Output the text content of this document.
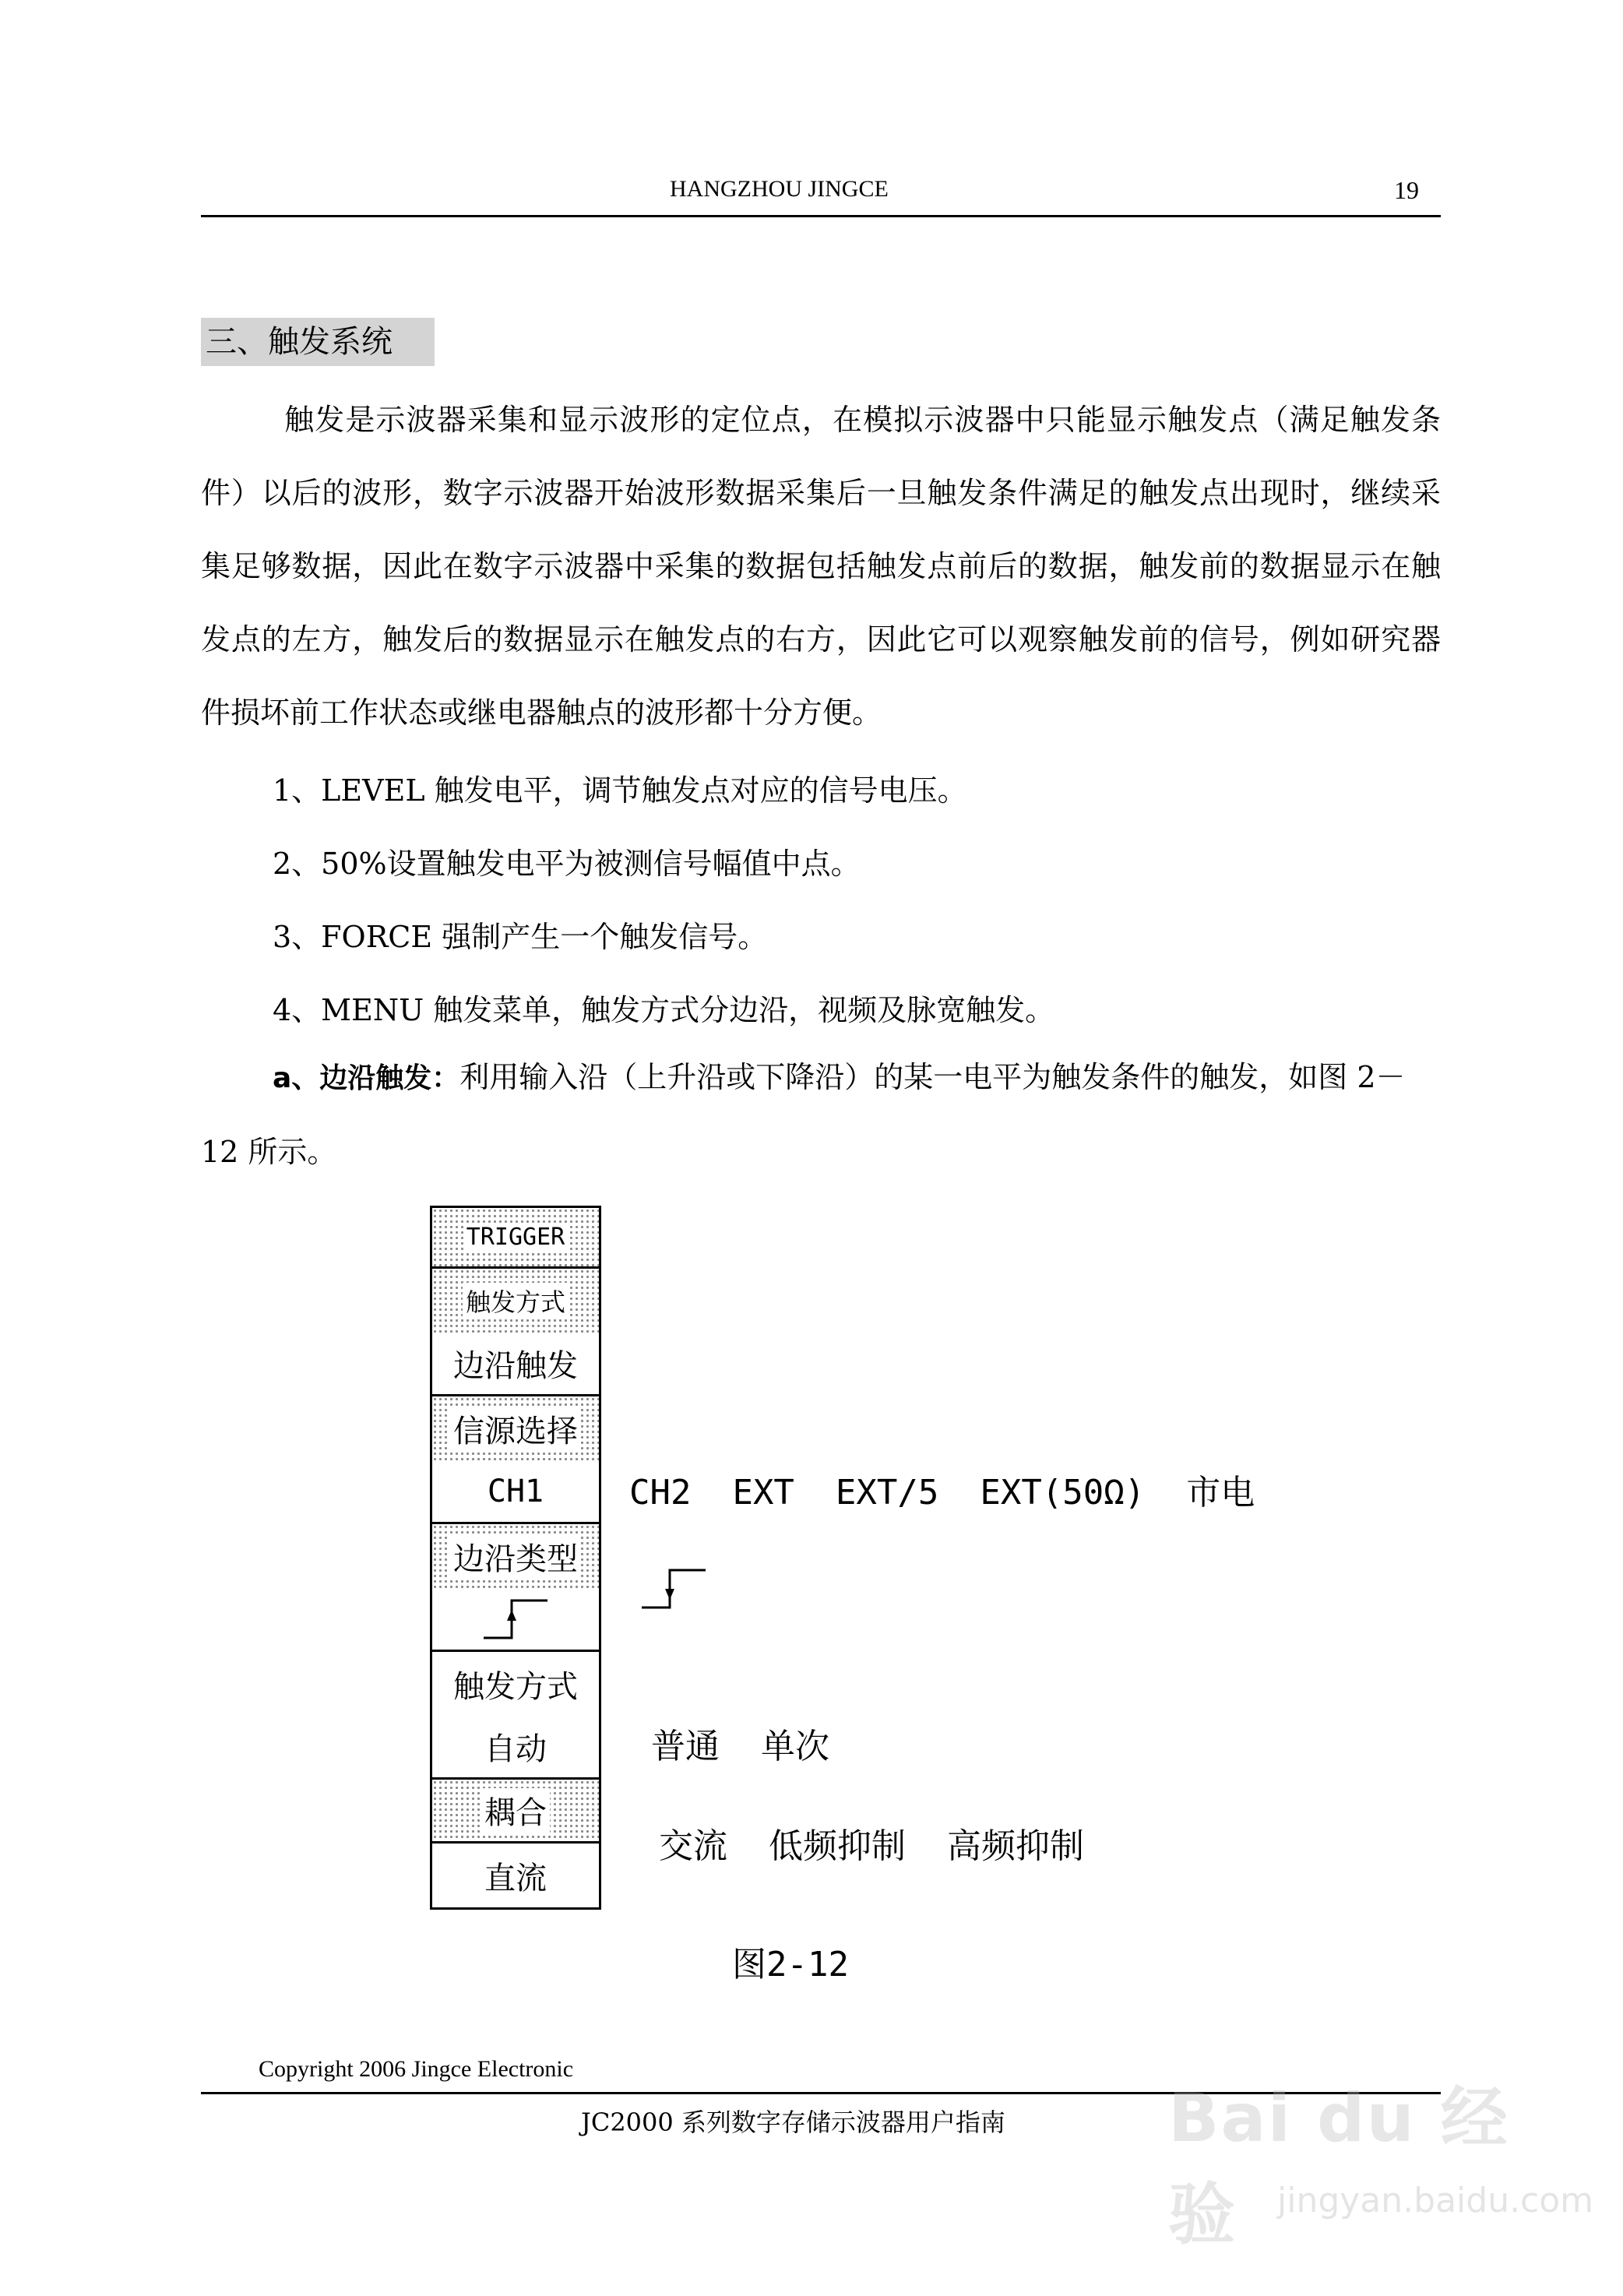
HANGZHOU JINGCE	19
三、触发系统
触发是示波器采集和显示波形的定位点，在模拟示波器中只能显示触发点（满足触发条件）以后的波形，数字示波器开始波形数据采集后一旦触发条件满足的触发点出现时，继续采集足够数据，因此在数字示波器中采集的数据包括触发点前后的数据，触发前的数据显示在触发点的左方，触发后的数据显示在触发点的右方，因此它可以观察触发前的信号，例如研究器件损坏前工作状态或继电器触点的波形都十分方便。
1、LEVEL 触发电平，调节触发点对应的信号电压。
2、50%设置触发电平为被测信号幅值中点。
3、FORCE 强制产生一个触发信号。
4、MENU 触发菜单，触发方式分边沿，视频及脉宽触发。
a、边沿触发：利用输入沿（上升沿或下降沿）的某一电平为触发条件的触发，如图 2－12 所示。
TRIGGER
触发方式
边沿触发
信源选择
CH1
边沿类型
触发方式
自动
耦合
直流
CH2  EXT  EXT/5  EXT(50Ω)  市电
普通  单次
交流  低频抑制  高频抑制
图2-12
Copyright 2006 Jingce Electronic
JC2000 系列数字存储示波器用户指南 Bai du 经验	jingyan.baidu.com
